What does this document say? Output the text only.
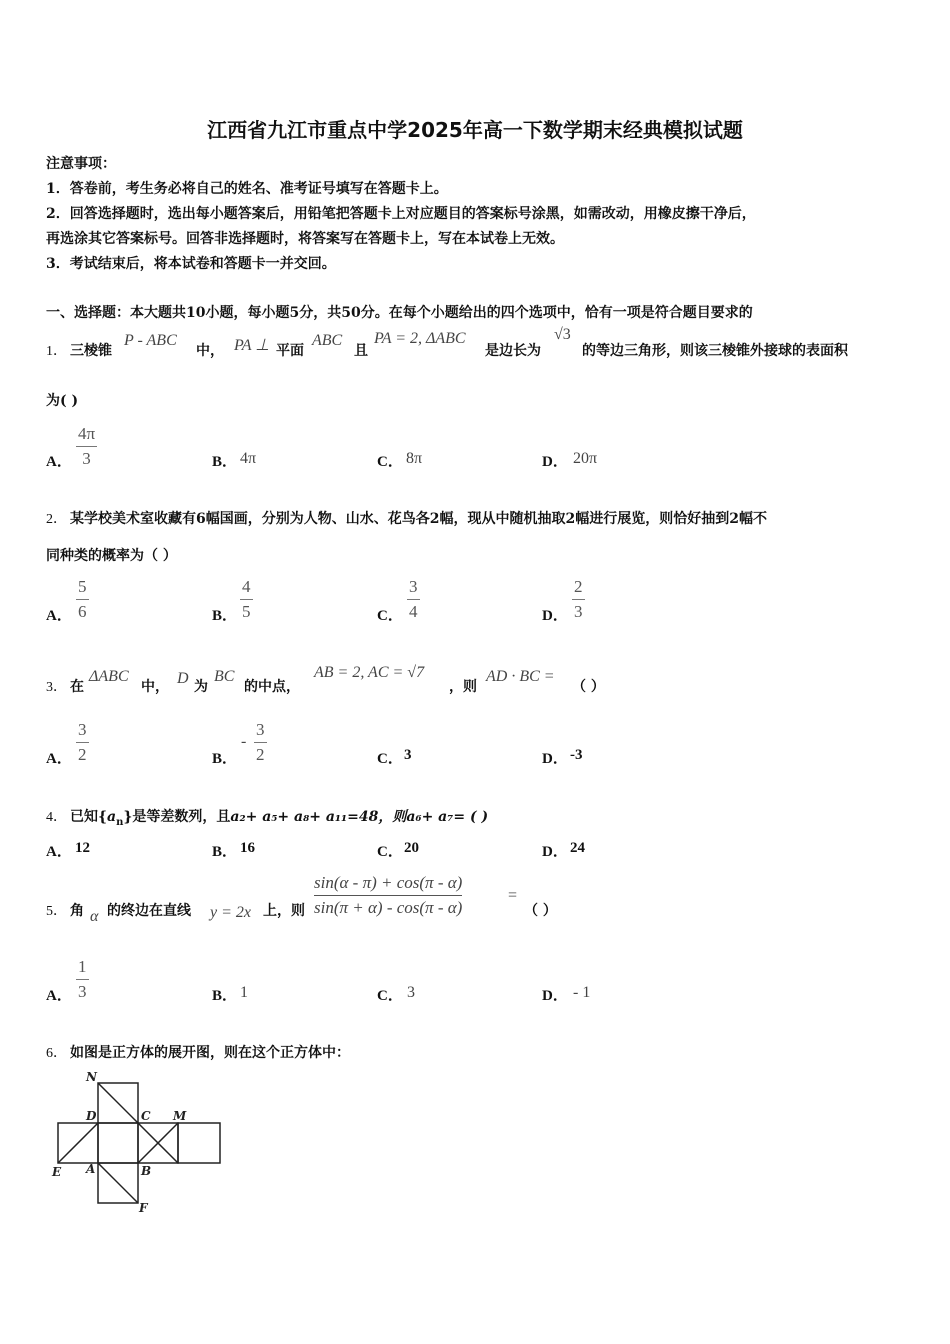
江西省九江市重点中学2025年高一下数学期末经典模拟试题
注意事项：
1．答卷前，考生务必将自己的姓名、准考证号填写在答题卡上。
2．回答选择题时，选出每小题答案后，用铅笔把答题卡上对应题目的答案标号涂黑，如需改动，用橡皮擦干净后，
再选涂其它答案标号。回答非选择题时，将答案写在答题卡上，写在本试卷上无效。
3．考试结束后，将本试卷和答题卡一并交回。
一、选择题：本大题共10小题，每小题5分，共50分。在每个小题给出的四个选项中，恰有一项是符合题目要求的
1． 三棱锥
P - ABC
中， PA ⊥ 平面
ABC
且
PA = 2, ΔABC
是边长为
√3
的等边三角形，则该三棱锥外接球的表面积
为( )
A．
4π
3	B． 4π	C． 8π	D． 20π
2． 某学校美术室收藏有6幅国画，分别为人物、山水、花鸟各2幅，现从中随机抽取2幅进行展览，则恰好抽到2幅不
同种类的概率为（ ）
A．
5
6	B．
4
5	C．
3
4	D．
2
3
3． 在
ΔABC
中， D 为
BC
的中点，
AB = 2, AC = √7
，则
AD · BC =
（ ）
A．
3
2	B．
-
3
2	C． 3	D． -3
4． 已知$\{a_n\}$是等差数列，且a₂+ a₅+ a₈+ a₁₁=48，则a₆+ a₇= ( )
A． 12	B． 16	C． 20	D． 24
5． 角 α 的终边在直线 y = 2x 上，则
sin(α - π) + cos(π - α)
sin(π + α) - cos(π - α)
=
（ ）
A．
1
3	B． 1	C． 3	D． - 1
6． 如图是正方体的展开图，则在这个正方体中：
N
D	C M
E A	B
F
